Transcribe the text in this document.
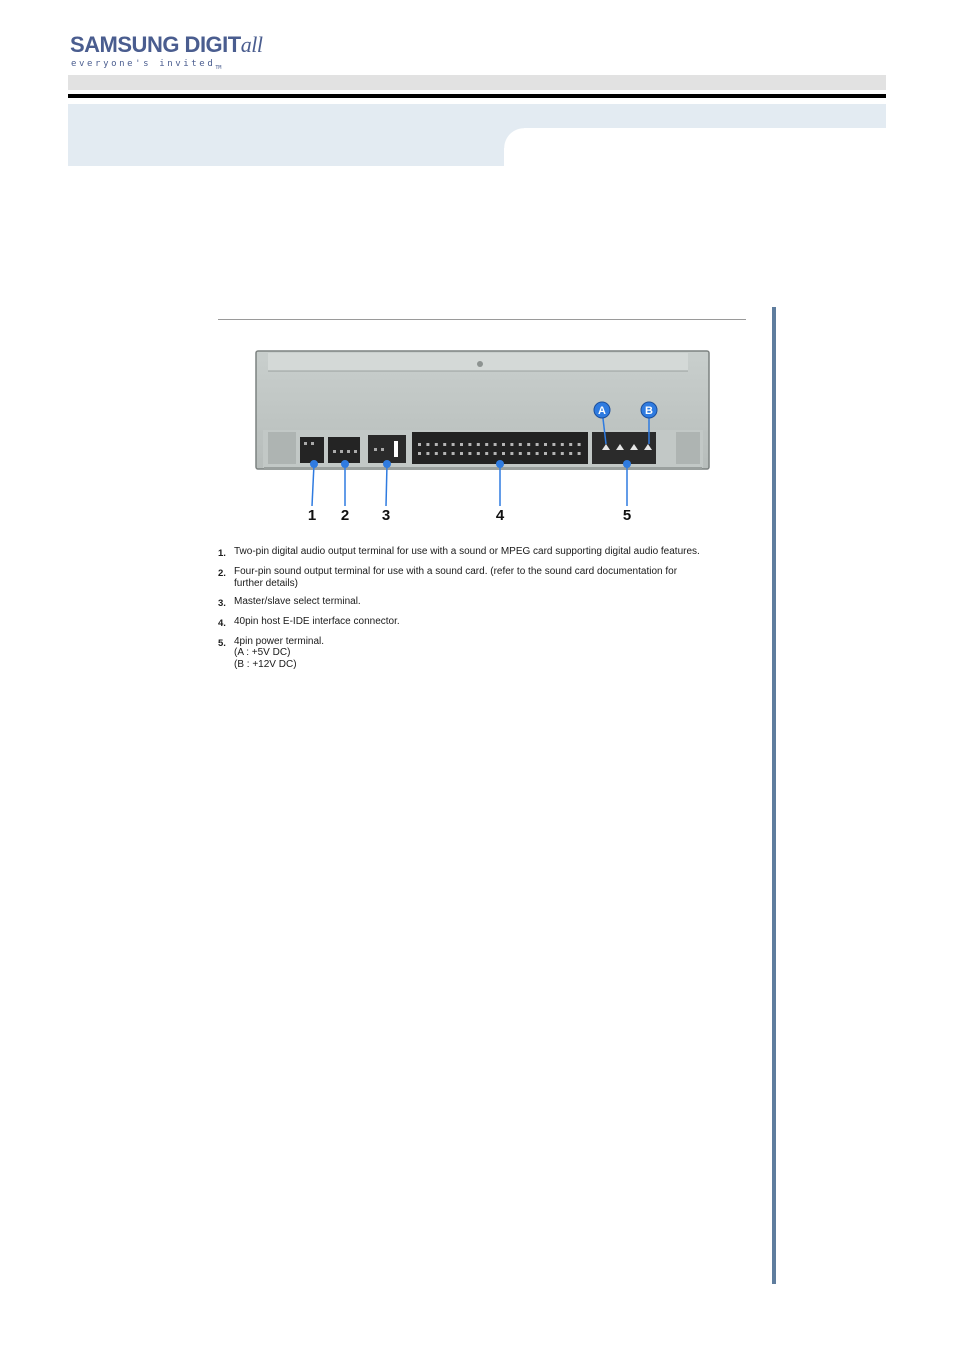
SAMSUNG DIGITall
everyone's invited$_{TM}$
A	B
1 2 3	4	5
1. Two-pin digital audio output terminal for use with a sound or MPEG card supporting digital audio features.
2. Four-pin sound output terminal for use with a sound card. (refer to the sound card documentation for
further details)
3. Master/slave select terminal.
4. 40pin host E-IDE interface connector.
5. 4pin power terminal.
(A : +5V DC)
(B : +12V DC)
